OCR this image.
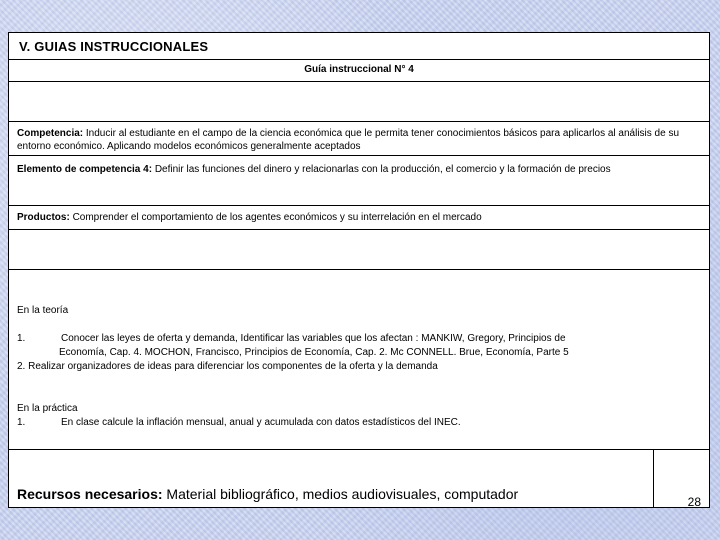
V. GUIAS INSTRUCCIONALES
Guía instruccional N° 4
Competencia: Inducir al estudiante en el campo de la ciencia económica que le permita tener conocimientos básicos para aplicarlos al análisis de su entorno económico. Aplicando modelos económicos generalmente aceptados
Elemento de competencia 4: Definir las funciones del dinero y relacionarlas con la producción, el comercio y la formación de precios
Productos: Comprender el comportamiento de los agentes económicos y su interrelación en el mercado
En la teoría
1.	Conocer las leyes de oferta y demanda, Identificar las variables que los afectan : MANKIW, Gregory, Principios de
Economía, Cap. 4. MOCHON, Francisco, Principios de Economía, Cap. 2. Mc CONNELL. Brue, Economía, Parte 5
2. Realizar organizadores de ideas para diferenciar los componentes de la oferta y la demanda
En la práctica
1.	En clase calcule la inflación mensual, anual y acumulada con datos estadísticos del INEC.
Recursos necesarios: Material bibliográfico, medios audiovisuales, computador	28
